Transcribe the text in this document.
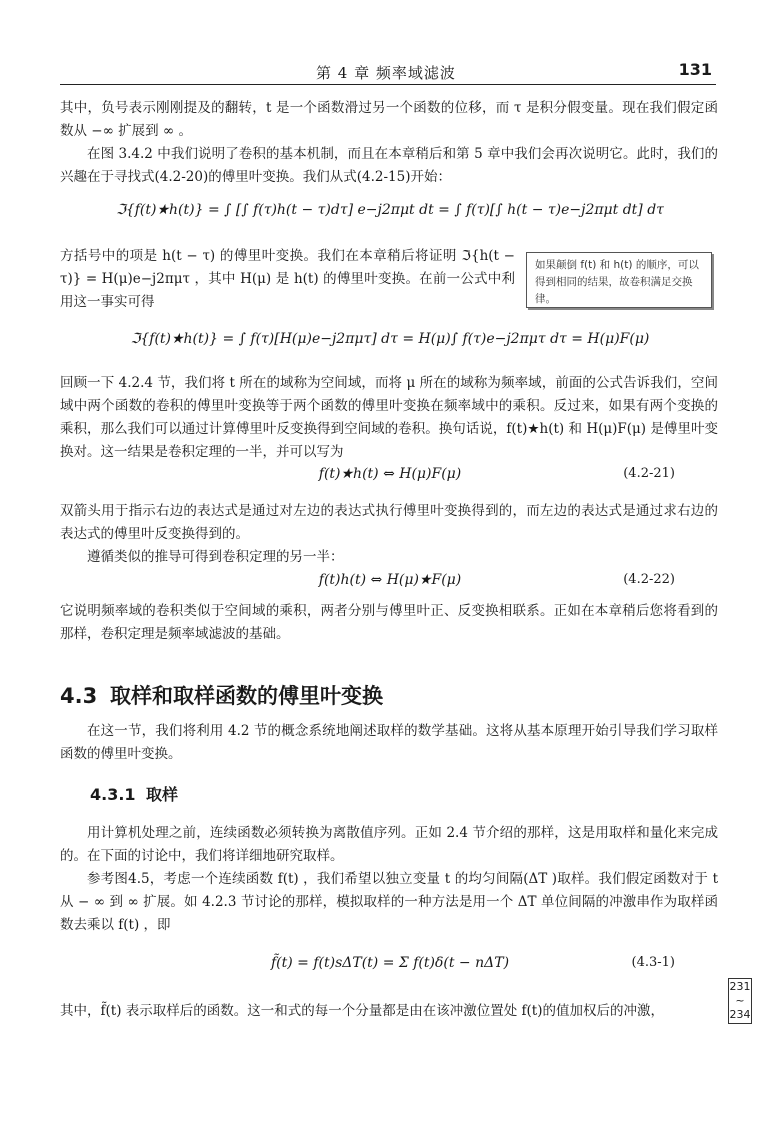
第 4 章 频率域滤波	131

其中，负号表示刚刚提及的翻转，t 是一个函数滑过另一个函数的位移，而 τ 是积分假变量。现在我们假定函数从 −∞ 扩展到 ∞ 。

在图 3.4.2 中我们说明了卷积的基本机制，而且在本章稍后和第 5 章中我们会再次说明它。此时，我们的兴趣在于寻找式(4.2-20)的傅里叶变换。我们从式(4.2-15)开始：

ℑ{f(t)★h(t)} = ∫ [∫ f(τ)h(t − τ)dτ] e−j2πμt dt = ∫ f(τ)[∫ h(t − τ)e−j2πμt dt] dτ

方括号中的项是 h(t − τ) 的傅里叶变换。我们在本章稍后将证明 ℑ{h(t − τ)} = H(μ)e−j2πμτ ，其中 H(μ) 是 h(t) 的傅里叶变换。在前一公式中利用这一事实可得

如果颠倒 f(t) 和 h(t) 的顺序，可以得到相同的结果，故卷积满足交换律。
ℑ{f(t)★h(t)} = ∫ f(τ)[H(μ)e−j2πμτ] dτ = H(μ)∫ f(τ)e−j2πμτ dτ = H(μ)F(μ)

回顾一下 4.2.4 节，我们将 t 所在的域称为空间域，而将 μ 所在的域称为频率域，前面的公式告诉我们，空间域中两个函数的卷积的傅里叶变换等于两个函数的傅里叶变换在频率域中的乘积。反过来，如果有两个变换的乘积，那么我们可以通过计算傅里叶反变换得到空间域的卷积。换句话说，f(t)★h(t) 和 H(μ)F(μ) 是傅里叶变换对。这一结果是卷积定理的一半，并可以写为

f(t)★h(t) ⇔ H(μ)F(μ)	(4.2-21)

双箭头用于指示右边的表达式是通过对左边的表达式执行傅里叶变换得到的，而左边的表达式是通过求右边的表达式的傅里叶反变换得到的。

遵循类似的推导可得到卷积定理的另一半：

f(t)h(t) ⇔ H(μ)★F(μ)	(4.2-22)

它说明频率域的卷积类似于空间域的乘积，两者分别与傅里叶正、反变换相联系。正如在本章稍后您将看到的那样，卷积定理是频率域滤波的基础。

4.3 取样和取样函数的傅里叶变换

在这一节，我们将利用 4.2 节的概念系统地阐述取样的数学基础。这将从基本原理开始引导我们学习取样函数的傅里叶变换。

4.3.1 取样

用计算机处理之前，连续函数必须转换为离散值序列。正如 2.4 节介绍的那样，这是用取样和量化来完成的。在下面的讨论中，我们将详细地研究取样。

参考图4.5，考虑一个连续函数 f(t) ，我们希望以独立变量 t 的均匀间隔(ΔT )取样。我们假定函数对于 t 从 − ∞ 到 ∞ 扩展。如 4.2.3 节讨论的那样，模拟取样的一种方法是用一个 ΔT 单位间隔的冲激串作为取样函数去乘以 f(t) ，即

f̃(t) = f(t)sΔT(t) = Σ f(t)δ(t − nΔT)	(4.3-1)

其中，f̃(t) 表示取样后的函数。这一和式的每一个分量都是由在该冲激位置处 f(t)的值加权后的冲激，

231
~
234
